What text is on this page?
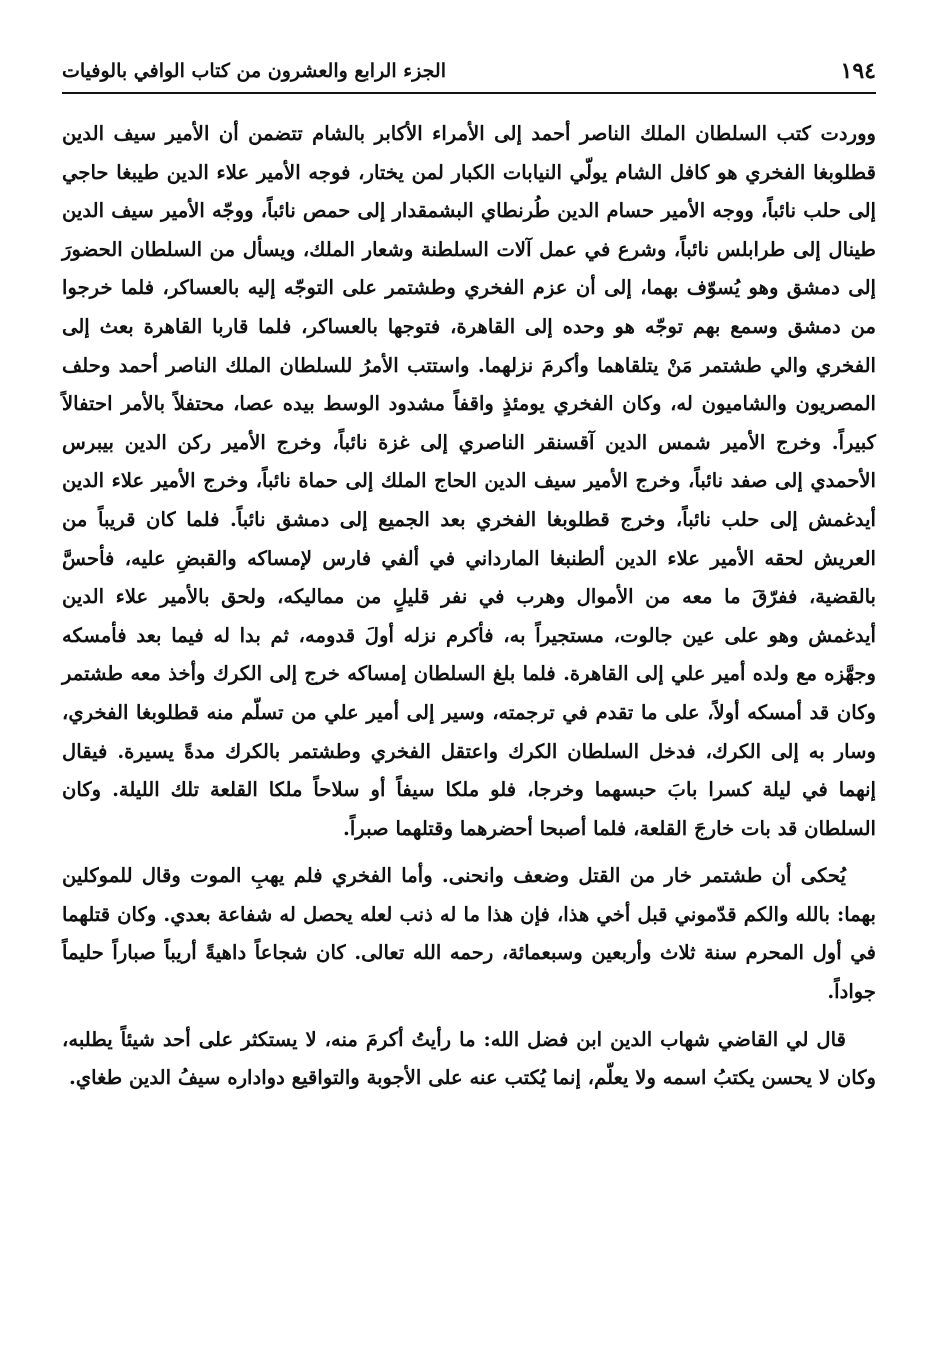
١٩٤
الجزء الرابع والعشرون من كتاب الوافي بالوفيات

ووردت كتب السلطان الملك الناصر أحمد إلى الأمراء الأكابر بالشام تتضمن أن الأمير سيف الدين قطلوبغا الفخري هو كافل الشام يولّي النيابات الكبار لمن يختار، فوجه الأمير علاء الدين طيبغا حاجي إلى حلب نائباً، ووجه الأمير حسام الدين طُرنطاي البشمقدار إلى حمص نائباً، ووجّه الأمير سيف الدين طينال إلى طرابلس نائباً، وشرع في عمل آلات السلطنة وشعار الملك، ويسأل من السلطان الحضورَ إلى دمشق وهو يُسوّف بهما، إلى أن عزم الفخري وطشتمر على التوجّه إليه بالعساكر، فلما خرجوا من دمشق وسمع بهم توجّه هو وحده إلى القاهرة، فتوجها بالعساكر، فلما قاربا القاهرة بعث إلى الفخري والي طشتمر مَنْ يتلقاهما وأكرمَ نزلهما. واستتب الأمرُ للسلطان الملك الناصر أحمد وحلف المصريون والشاميون له، وكان الفخري يومئذٍ واقفاً مشدود الوسط بيده عصا، محتفلاً بالأمر احتفالاً كبيراً. وخرج الأمير شمس الدين آقسنقر الناصري إلى غزة نائباً، وخرج الأمير ركن الدين بيبرس الأحمدي إلى صفد نائباً، وخرج الأمير سيف الدين الحاج الملك إلى حماة نائباً، وخرج الأمير علاء الدين أيدغمش إلى حلب نائباً، وخرج قطلوبغا الفخري بعد الجميع إلى دمشق نائباً. فلما كان قريباً من العريش لحقه الأمير علاء الدين ألطنبغا المارداني في ألفي فارس لإمساكه والقبضِ عليه، فأحسَّ بالقضية، ففرّقَ ما معه من الأموال وهرب في نفر قليلٍ من مماليكه، ولحق بالأمير علاء الدين أيدغمش وهو على عين جالوت، مستجيراً به، فأكرم نزله أولَ قدومه، ثم بدا له فيما بعد فأمسكه وجهَّزه مع ولده أمير علي إلى القاهرة. فلما بلغ السلطان إمساكه خرج إلى الكرك وأخذ معه طشتمر وكان قد أمسكه أولاً، على ما تقدم في ترجمته، وسير إلى أمير علي من تسلّم منه قطلوبغا الفخري، وسار به إلى الكرك، فدخل السلطان الكرك واعتقل الفخري وطشتمر بالكرك مدةً يسيرة. فيقال إنهما في ليلة كسرا بابَ حبسهما وخرجا، فلو ملكا سيفاً أو سلاحاً ملكا القلعة تلك الليلة. وكان السلطان قد بات خارجَ القلعة، فلما أصبحا أحضرهما وقتلهما صبراً.

يُحكى أن طشتمر خار من القتل وضعف وانحنى. وأما الفخري فلم يهبِ الموت وقال للموكلين بهما: بالله والكم قدّموني قبل أخي هذا، فإن هذا ما له ذنب لعله يحصل له شفاعة بعدي. وكان قتلهما في أول المحرم سنة ثلاث وأربعين وسبعمائة، رحمه الله تعالى. كان شجاعاً داهيةً أريباً صباراً حليماً جواداً.

قال لي القاضي شهاب الدين ابن فضل الله: ما رأيتُ أكرمَ منه، لا يستكثر على أحد شيئاً يطلبه، وكان لا يحسن يكتبُ اسمه ولا يعلّم، إنما يُكتب عنه على الأجوبة والتواقيع دواداره سيفُ الدين طغاي.
